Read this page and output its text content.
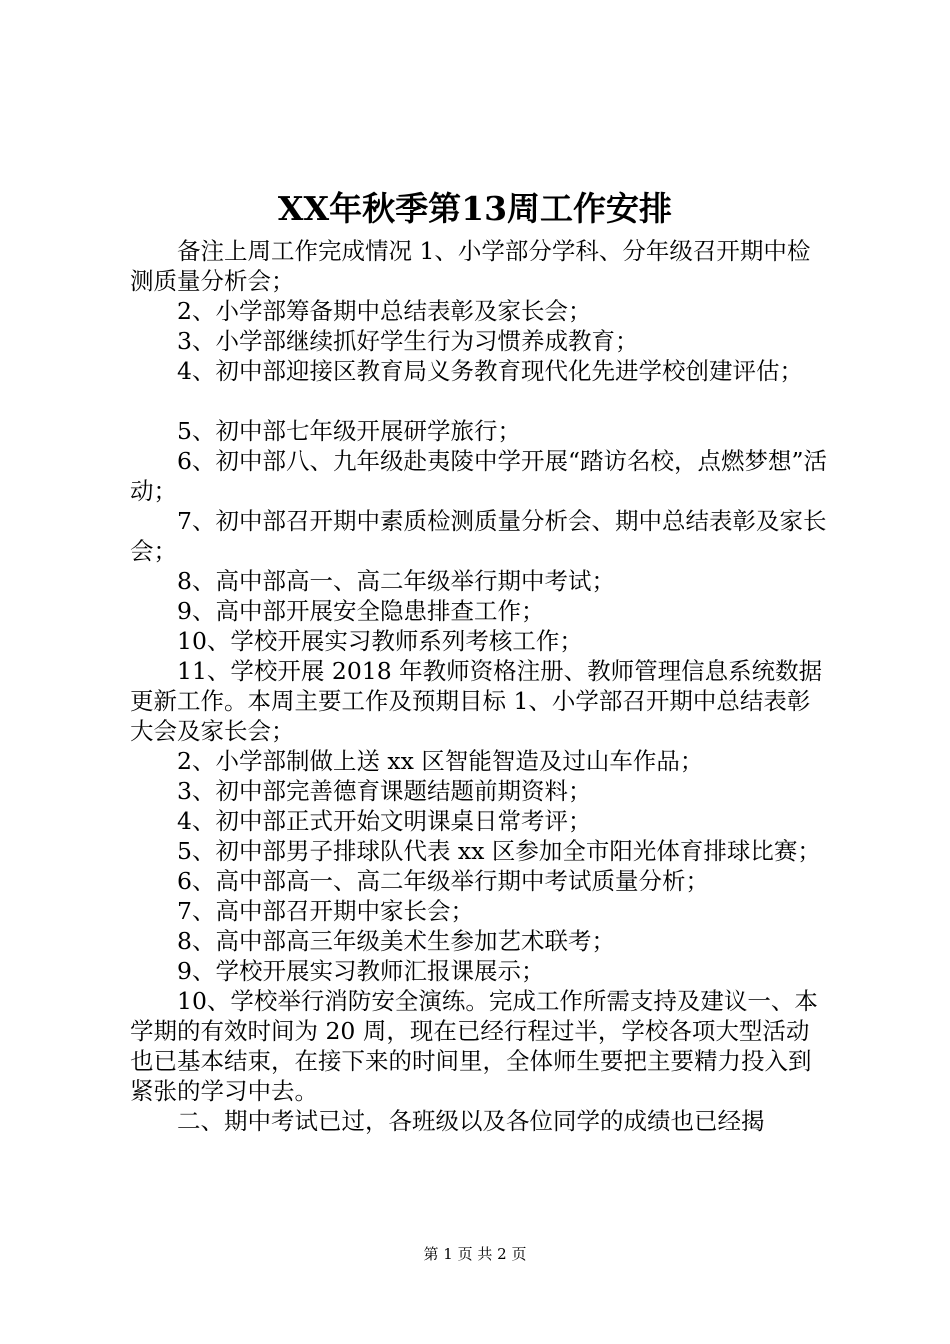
XX年秋季第13周工作安排

备注上周工作完成情况 1、小学部分学科、分年级召开期中检测质量分析会；

2、小学部筹备期中总结表彰及家长会；

3、小学部继续抓好学生行为习惯养成教育；

4、初中部迎接区教育局义务教育现代化先进学校创建评估；

5、初中部七年级开展研学旅行；

6、初中部八、九年级赴夷陵中学开展“踏访名校，点燃梦想”活动；

7、初中部召开期中素质检测质量分析会、期中总结表彰及家长会；

8、高中部高一、高二年级举行期中考试；

9、高中部开展安全隐患排查工作；

10、学校开展实习教师系列考核工作；

11、学校开展 2018 年教师资格注册、教师管理信息系统数据更新工作。本周主要工作及预期目标 1、小学部召开期中总结表彰大会及家长会；

2、小学部制做上送 xx 区智能智造及过山车作品；

3、初中部完善德育课题结题前期资料；

4、初中部正式开始文明课桌日常考评；

5、初中部男子排球队代表 xx 区参加全市阳光体育排球比赛；

6、高中部高一、高二年级举行期中考试质量分析；

7、高中部召开期中家长会；

8、高中部高三年级美术生参加艺术联考；

9、学校开展实习教师汇报课展示；

10、学校举行消防安全演练。完成工作所需支持及建议一、本学期的有效时间为 20 周，现在已经行程过半，学校各项大型活动也已基本结束，在接下来的时间里，全体师生要把主要精力投入到紧张的学习中去。

二、期中考试已过，各班级以及各位同学的成绩也已经揭

第 1 页 共 2 页
